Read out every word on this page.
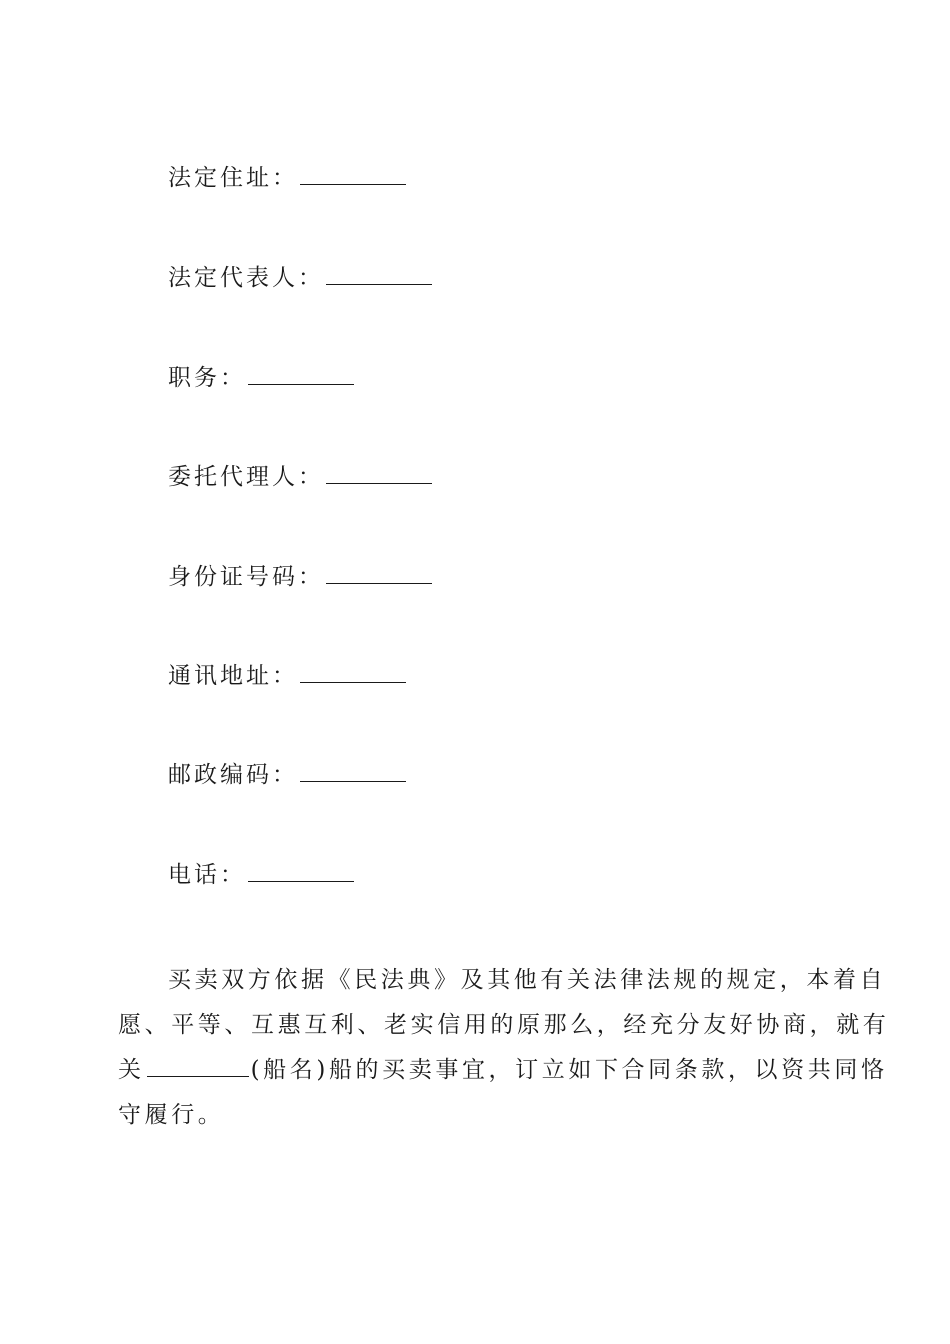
法定住址：
法定代表人：
职务：
委托代理人：
身份证号码：
通讯地址：
邮政编码：
电话：
买卖双方依据《民法典》及其他有关法律法规的规定，本着自
愿、平等、互惠互利、老实信用的原那么，经充分友好协商，就有
关	(船名)船的买卖事宜，订立如下合同条款，以资共同恪
守履行。
